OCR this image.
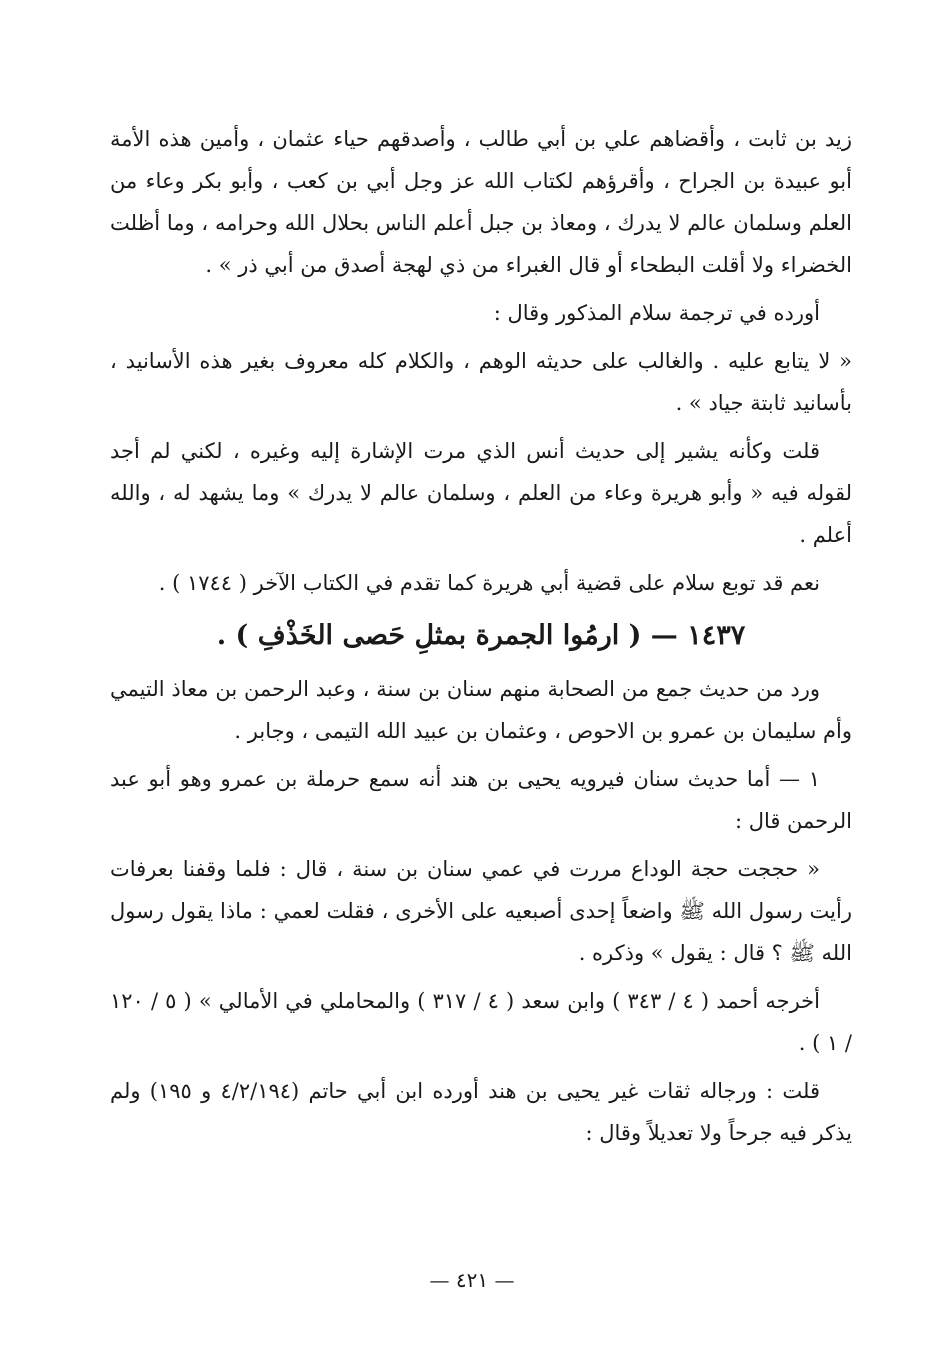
زيد بن ثابت ، وأقضاهم علي بن أبي طالب ، وأصدقهم حياء عثمان ، وأمين هذه الأمة أبو عبيدة بن الجراح ، وأقرؤهم لكتاب الله عز وجل أبي بن كعب ، وأبو بكر وعاء من العلم وسلمان عالم لا يدرك ، ومعاذ بن جبل أعلم الناس بحلال الله وحرامه ، وما أظلت الخضراء ولا أقلت البطحاء أو قال الغبراء من ذي لهجة أصدق من أبي ذر » .

أورده في ترجمة سلام المذكور وقال :

« لا يتابع عليه . والغالب على حديثه الوهم ، والكلام كله معروف بغير هذه الأسانيد ، بأسانيد ثابتة جياد » .

قلت وكأنه يشير إلى حديث أنس الذي مرت الإشارة إليه وغيره ، لكني لم أجد لقوله فيه « وأبو هريرة وعاء من العلم ، وسلمان عالم لا يدرك » وما يشهد له ، والله أعلم .

نعم قد توبع سلام على قضية أبي هريرة كما تقدم في الكتاب الآخر ( ١٧٤٤ ) .

١٤٣٧ — ( ارمُوا الجمرة بمثلِ حَصى الخَذْفِ ) .

ورد من حديث جمع من الصحابة منهم سنان بن سنة ، وعبد الرحمن بن معاذ التيمي وأم سليمان بن عمرو بن الاحوص ، وعثمان بن عبيد الله التيمى ، وجابر .

١ — أما حديث سنان فيرويه يحيى بن هند أنه سمع حرملة بن عمرو وهو أبو عبد الرحمن قال :

« حججت حجة الوداع مررت في عمي سنان بن سنة ، قال : فلما وقفنا بعرفات رأيت رسول الله ﷺ واضعاً إحدى أصبعيه على الأخرى ، فقلت لعمي : ماذا يقول رسول الله ﷺ ؟ قال : يقول » وذكره .

أخرجه أحمد ( ٤ / ٣٤٣ ) وابن سعد ( ٤ / ٣١٧ ) والمحاملي في الأمالي » ( ٥ / ١٢٠ / ١ ) .

قلت : ورجاله ثقات غير يحيى بن هند أورده ابن أبي حاتم (٤/٢/١٩٤ و ١٩٥) ولم يذكر فيه جرحاً ولا تعديلاً وقال :

— ٤٢١ —
